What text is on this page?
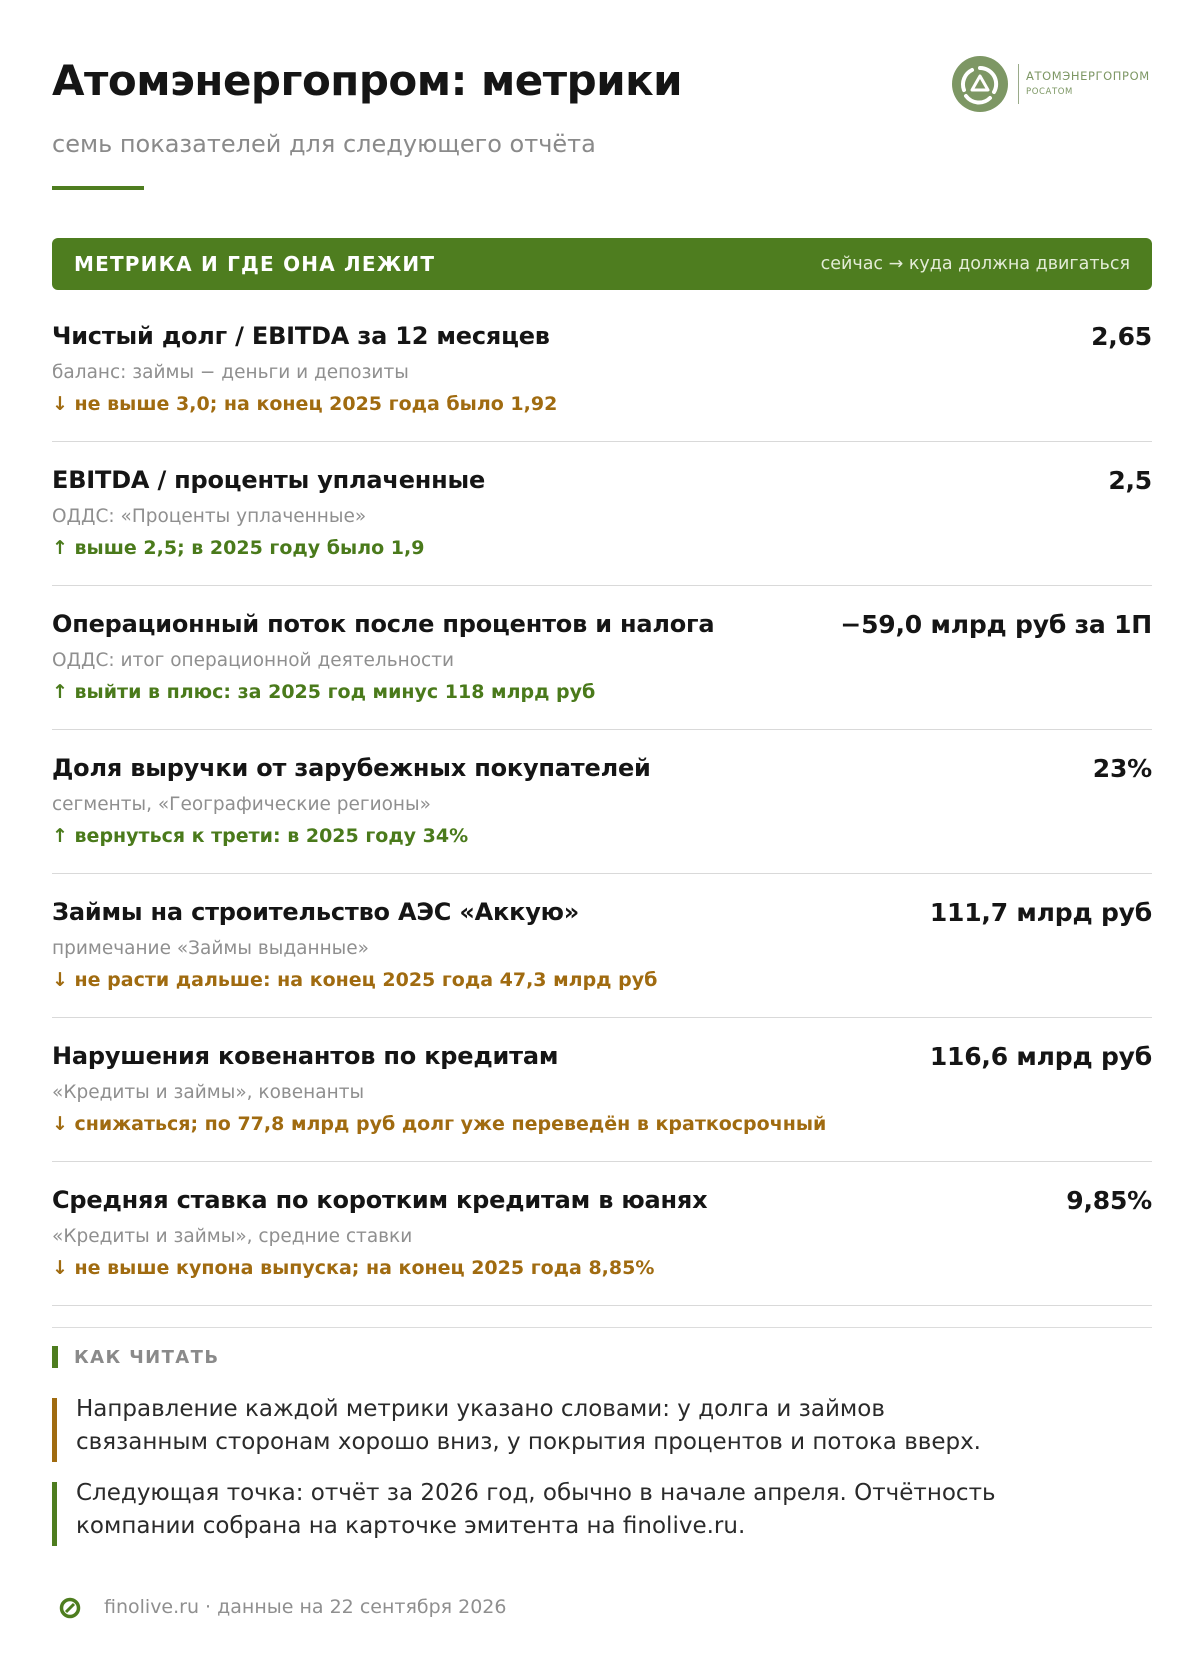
Атомэнергопром: метрики
семь показателей для следующего отчёта
АТОМЭНЕРГОПРОМ
РОСАТОМ
МЕТРИКА И ГДЕ ОНА ЛЕЖИТ	сейчас → куда должна двигаться
Чистый долг / EBITDA за 12 месяцев	2,65
баланс: займы − деньги и депозиты
↓ не выше 3,0; на конец 2025 года было 1,92
EBITDA / проценты уплаченные	2,5
ОДДС: «Проценты уплаченные»
↑ выше 2,5; в 2025 году было 1,9
Операционный поток после процентов и налога	−59,0 млрд руб за 1П
ОДДС: итог операционной деятельности
↑ выйти в плюс: за 2025 год минус 118 млрд руб
Доля выручки от зарубежных покупателей	23%
сегменты, «Географические регионы»
↑ вернуться к трети: в 2025 году 34%
Займы на строительство АЭС «Аккую»	111,7 млрд руб
примечание «Займы выданные»
↓ не расти дальше: на конец 2025 года 47,3 млрд руб
Нарушения ковенантов по кредитам	116,6 млрд руб
«Кредиты и займы», ковенанты
↓ снижаться; по 77,8 млрд руб долг уже переведён в краткосрочный
Средняя ставка по коротким кредитам в юанях	9,85%
«Кредиты и займы», средние ставки
↓ не выше купона выпуска; на конец 2025 года 8,85%
КАК ЧИТАТЬ
Направление каждой метрики указано словами: у долга и займов
связанным сторонам хорошо вниз, у покрытия процентов и потока вверх.
Следующая точка: отчёт за 2026 год, обычно в начале апреля. Отчётность
компании собрана на карточке эмитента на finolive.ru.
finolive.ru · данные на 22 сентября 2026
